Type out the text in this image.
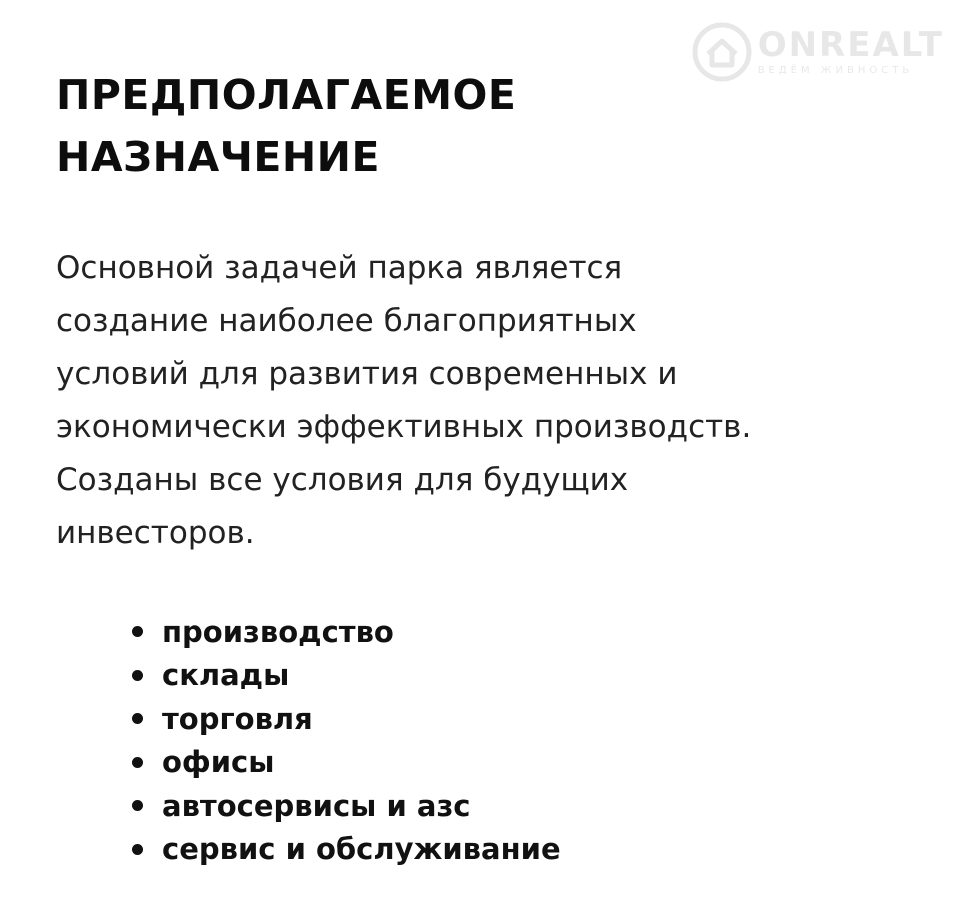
ONREALT
ВЕДЁМ ЖИВНОСТЬ
ПРЕДПОЛАГАЕМОЕ
НАЗНАЧЕНИЕ

Основной задачей парка является
создание наиболее благоприятных
условий для развития современных и
экономически эффективных производств.
Созданы все условия для будущих
инвесторов.

производство
склады
торговля
офисы
автосервисы и азс
сервис и обслуживание
